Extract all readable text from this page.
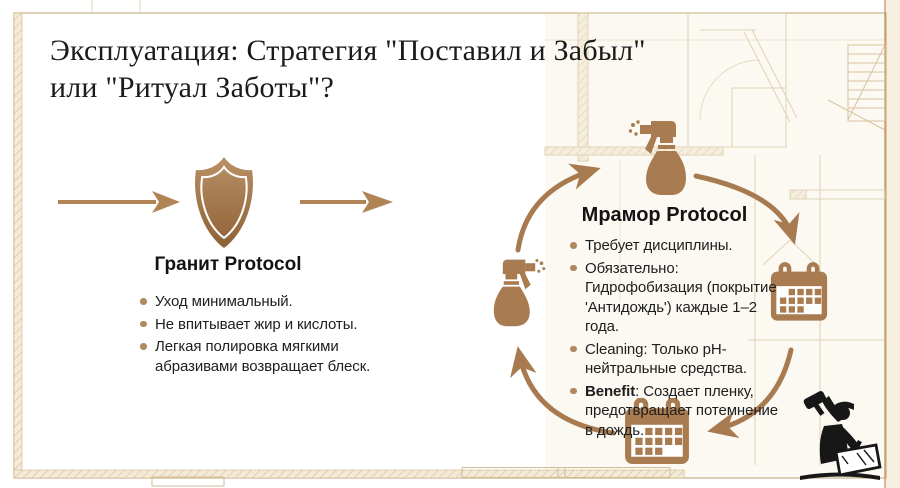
Эксплуатация: Стратегия "Поставил и Забыл"
или "Ритуал Заботы"?
Гранит Protocol
Уход минимальный.
Не впитывает жир и кислоты.
Легкая полировка мягкими абразивами возвращает блеск.
Мрамор Protocol
Требует дисциплины.
Обязательно: Гидрофобизация (покрытие 'Антидождь') каждые 1–2 года.
Cleaning: Только pH-нейтральные средства.
Benefit: Создает пленку, предотвращает потемнение в дождь.
